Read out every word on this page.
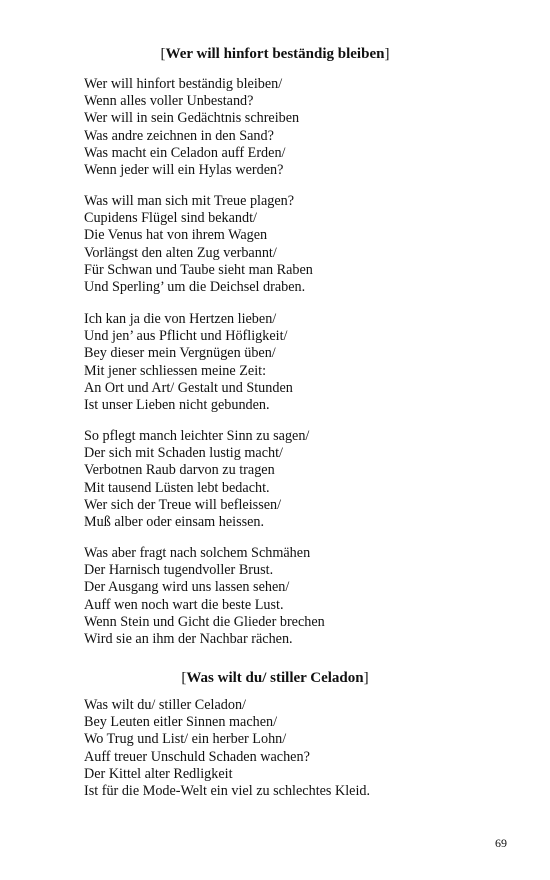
[Wer will hinfort beständig bleiben]
Wer will hinfort beständig bleiben/
Wenn alles voller Unbestand?
Wer will in sein Gedächtnis schreiben
Was andre zeichnen in den Sand?
Was macht ein Celadon auff Erden/
Wenn jeder will ein Hylas werden?
Was will man sich mit Treue plagen?
Cupidens Flügel sind bekandt/
Die Venus hat von ihrem Wagen
Vorlängst den alten Zug verbannt/
Für Schwan und Taube sieht man Raben
Und Sperling’ um die Deichsel draben.
Ich kan ja die von Hertzen lieben/
Und jen’ aus Pflicht und Höfligkeit/
Bey dieser mein Vergnügen üben/
Mit jener schliessen meine Zeit:
An Ort und Art/ Gestalt und Stunden
Ist unser Lieben nicht gebunden.
So pflegt manch leichter Sinn zu sagen/
Der sich mit Schaden lustig macht/
Verbotnen Raub darvon zu tragen
Mit tausend Lüsten lebt bedacht.
Wer sich der Treue will befleissen/
Muß alber oder einsam heissen.
Was aber fragt nach solchem Schmähen
Der Harnisch tugendvoller Brust.
Der Ausgang wird uns lassen sehen/
Auff wen noch wart die beste Lust.
Wenn Stein und Gicht die Glieder brechen
Wird sie an ihm der Nachbar rächen.
[Was wilt du/ stiller Celadon]
Was wilt du/ stiller Celadon/
Bey Leuten eitler Sinnen machen/
Wo Trug und List/ ein herber Lohn/
Auff treuer Unschuld Schaden wachen?
Der Kittel alter Redligkeit
Ist für die Mode-Welt ein viel zu schlechtes Kleid.
69
